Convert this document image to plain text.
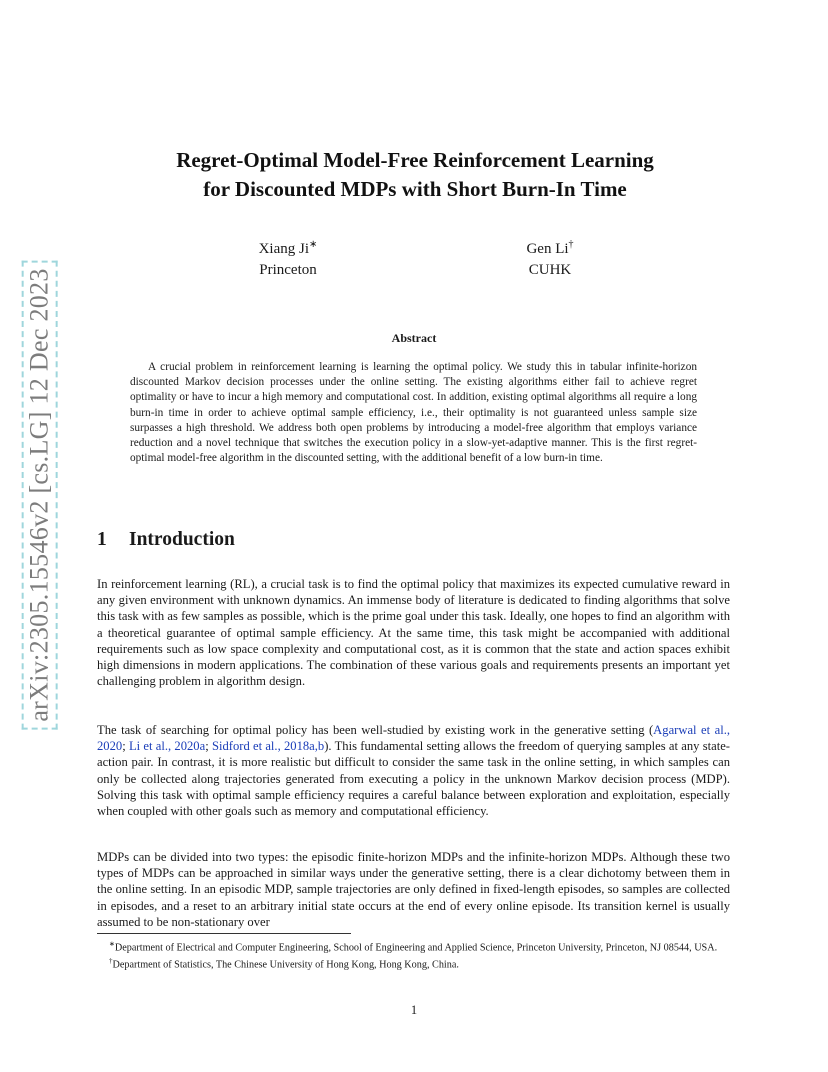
arXiv:2305.15546v2 [cs.LG] 12 Dec 2023
Regret-Optimal Model-Free Reinforcement Learning
for Discounted MDPs with Short Burn-In Time
Xiang Ji∗
Princeton
Gen Li†
CUHK
Abstract
A crucial problem in reinforcement learning is learning the optimal policy. We study this in tabular infinite-horizon discounted Markov decision processes under the online setting. The existing algorithms either fail to achieve regret optimality or have to incur a high memory and computational cost. In addition, existing optimal algorithms all require a long burn-in time in order to achieve optimal sample efficiency, i.e., their optimality is not guaranteed unless sample size surpasses a high threshold. We address both open problems by introducing a model-free algorithm that employs variance reduction and a novel technique that switches the execution policy in a slow-yet-adaptive manner. This is the first regret-optimal model-free algorithm in the discounted setting, with the additional benefit of a low burn-in time.
1 Introduction
In reinforcement learning (RL), a crucial task is to find the optimal policy that maximizes its expected cumulative reward in any given environment with unknown dynamics. An immense body of literature is dedicated to finding algorithms that solve this task with as few samples as possible, which is the prime goal under this task. Ideally, one hopes to find an algorithm with a theoretical guarantee of optimal sample efficiency. At the same time, this task might be accompanied with additional requirements such as low space complexity and computational cost, as it is common that the state and action spaces exhibit high dimensions in modern applications. The combination of these various goals and requirements presents an important yet challenging problem in algorithm design.
The task of searching for optimal policy has been well-studied by existing work in the generative setting (Agarwal et al., 2020; Li et al., 2020a; Sidford et al., 2018a,b). This fundamental setting allows the freedom of querying samples at any state-action pair. In contrast, it is more realistic but difficult to consider the same task in the online setting, in which samples can only be collected along trajectories generated from executing a policy in the unknown Markov decision process (MDP). Solving this task with optimal sample efficiency requires a careful balance between exploration and exploitation, especially when coupled with other goals such as memory and computational efficiency.
MDPs can be divided into two types: the episodic finite-horizon MDPs and the infinite-horizon MDPs. Although these two types of MDPs can be approached in similar ways under the generative setting, there is a clear dichotomy between them in the online setting. In an episodic MDP, sample trajectories are only defined in fixed-length episodes, so samples are collected in episodes, and a reset to an arbitrary initial state occurs at the end of every online episode. Its transition kernel is usually assumed to be non-stationary over
∗Department of Electrical and Computer Engineering, School of Engineering and Applied Science, Princeton University, Princeton, NJ 08544, USA.
†Department of Statistics, The Chinese University of Hong Kong, Hong Kong, China.
1
